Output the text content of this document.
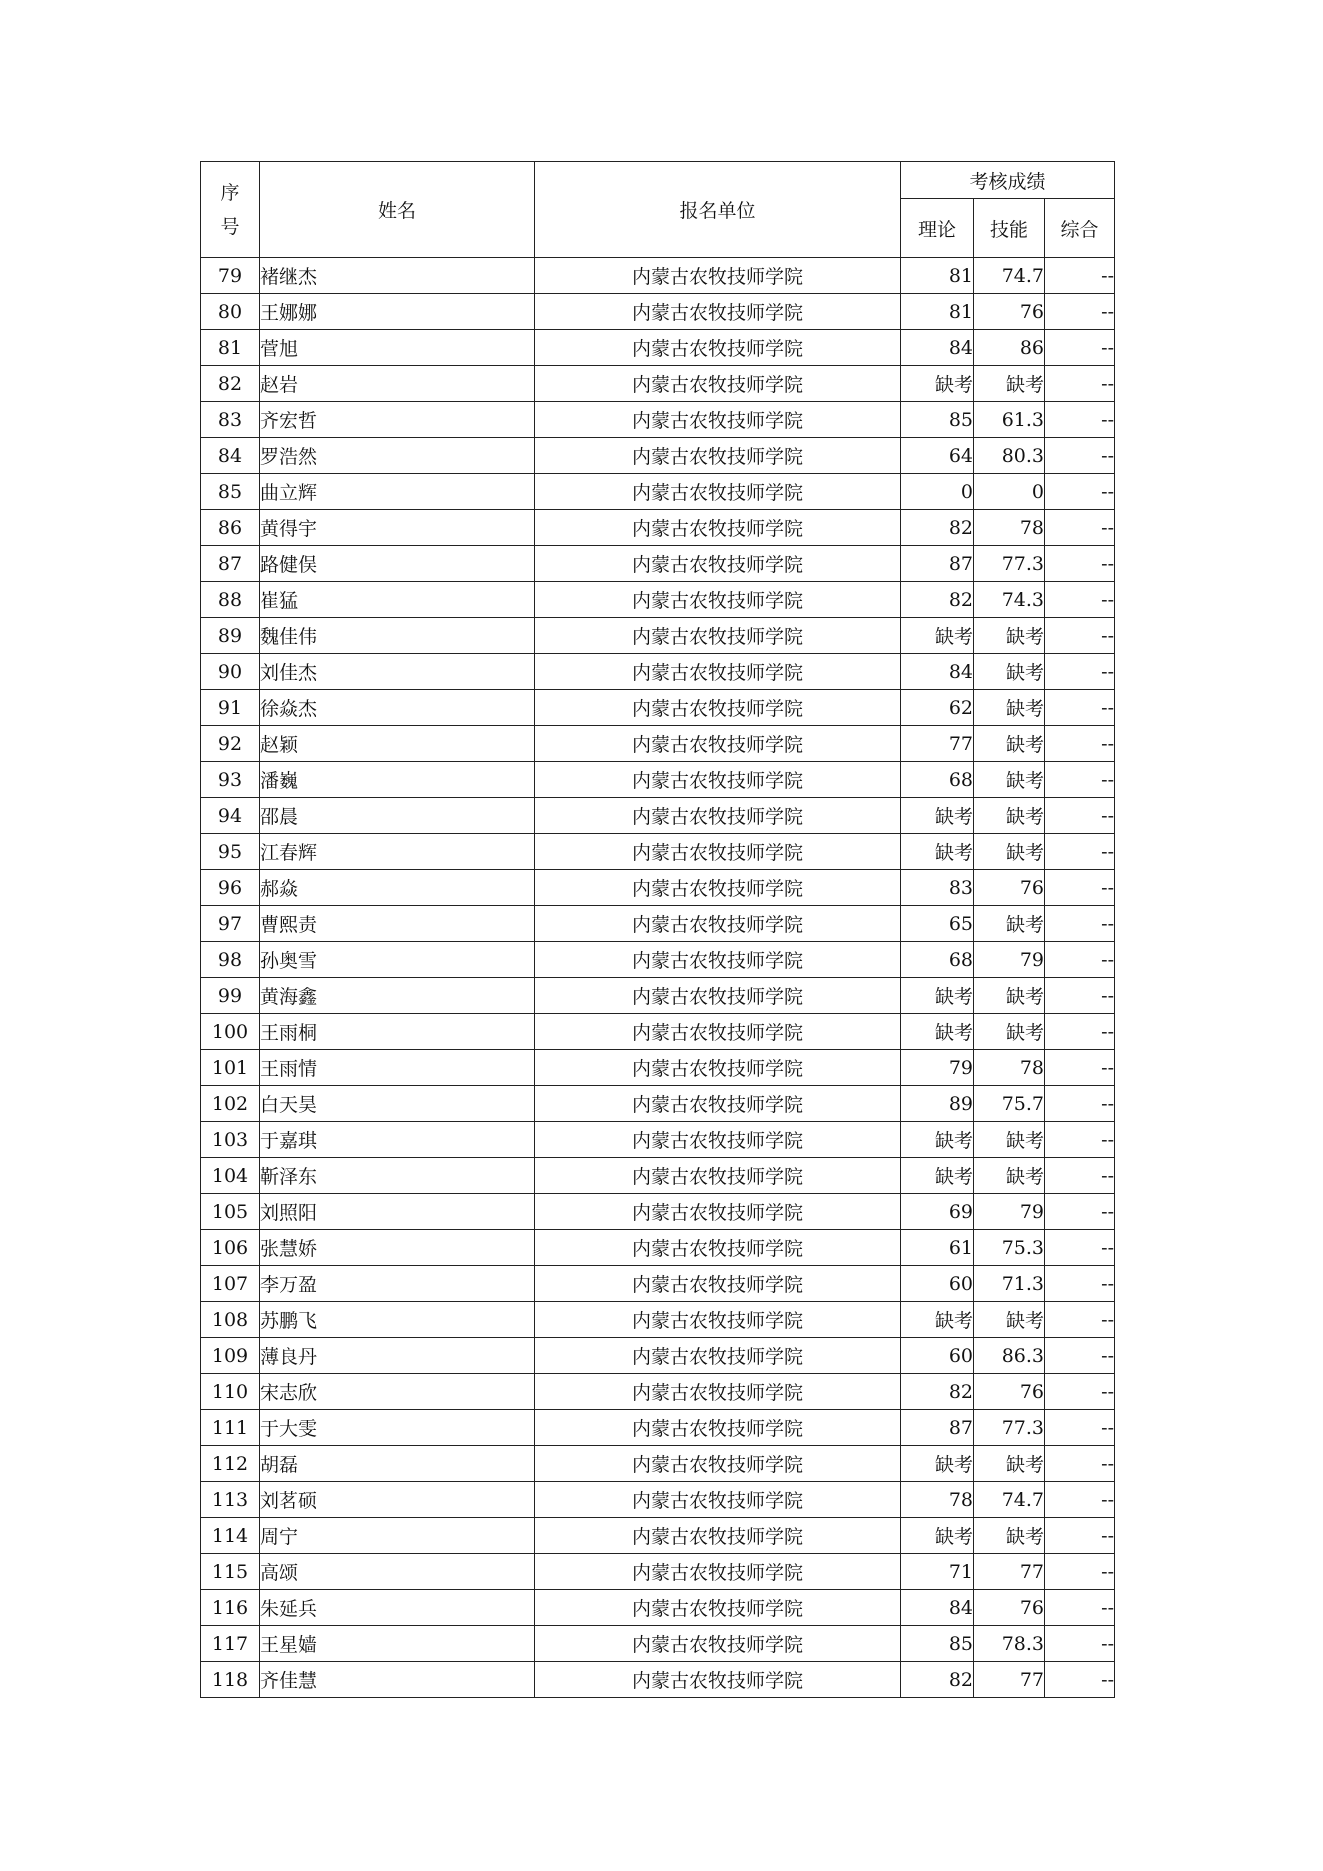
序
号	姓名	报名单位	考核成绩		
			理论	技能	综合
79	褚继杰	内蒙古农牧技师学院	81	74.7	--
80	王娜娜	内蒙古农牧技师学院	81	76	--
81	菅旭	内蒙古农牧技师学院	84	86	--
82	赵岩	内蒙古农牧技师学院	缺考	缺考	--
83	齐宏哲	内蒙古农牧技师学院	85	61.3	--
84	罗浩然	内蒙古农牧技师学院	64	80.3	--
85	曲立辉	内蒙古农牧技师学院	0	0	--
86	黄得宇	内蒙古农牧技师学院	82	78	--
87	路健俣	内蒙古农牧技师学院	87	77.3	--
88	崔猛	内蒙古农牧技师学院	82	74.3	--
89	魏佳伟	内蒙古农牧技师学院	缺考	缺考	--
90	刘佳杰	内蒙古农牧技师学院	84	缺考	--
91	徐焱杰	内蒙古农牧技师学院	62	缺考	--
92	赵颖	内蒙古农牧技师学院	77	缺考	--
93	潘巍	内蒙古农牧技师学院	68	缺考	--
94	邵晨	内蒙古农牧技师学院	缺考	缺考	--
95	江春辉	内蒙古农牧技师学院	缺考	缺考	--
96	郝焱	内蒙古农牧技师学院	83	76	--
97	曹熙责	内蒙古农牧技师学院	65	缺考	--
98	孙奥雪	内蒙古农牧技师学院	68	79	--
99	黄海鑫	内蒙古农牧技师学院	缺考	缺考	--
100	王雨桐	内蒙古农牧技师学院	缺考	缺考	--
101	王雨情	内蒙古农牧技师学院	79	78	--
102	白天昊	内蒙古农牧技师学院	89	75.7	--
103	于嘉琪	内蒙古农牧技师学院	缺考	缺考	--
104	靳泽东	内蒙古农牧技师学院	缺考	缺考	--
105	刘照阳	内蒙古农牧技师学院	69	79	--
106	张慧娇	内蒙古农牧技师学院	61	75.3	--
107	李万盈	内蒙古农牧技师学院	60	71.3	--
108	苏鹏飞	内蒙古农牧技师学院	缺考	缺考	--
109	薄良丹	内蒙古农牧技师学院	60	86.3	--
110	宋志欣	内蒙古农牧技师学院	82	76	--
111	于大雯	内蒙古农牧技师学院	87	77.3	--
112	胡磊	内蒙古农牧技师学院	缺考	缺考	--
113	刘茗硕	内蒙古农牧技师学院	78	74.7	--
114	周宁	内蒙古农牧技师学院	缺考	缺考	--
115	高颂	内蒙古农牧技师学院	71	77	--
116	朱延兵	内蒙古农牧技师学院	84	76	--
117	王星嫱	内蒙古农牧技师学院	85	78.3	--
118	齐佳慧	内蒙古农牧技师学院	82	77	--
